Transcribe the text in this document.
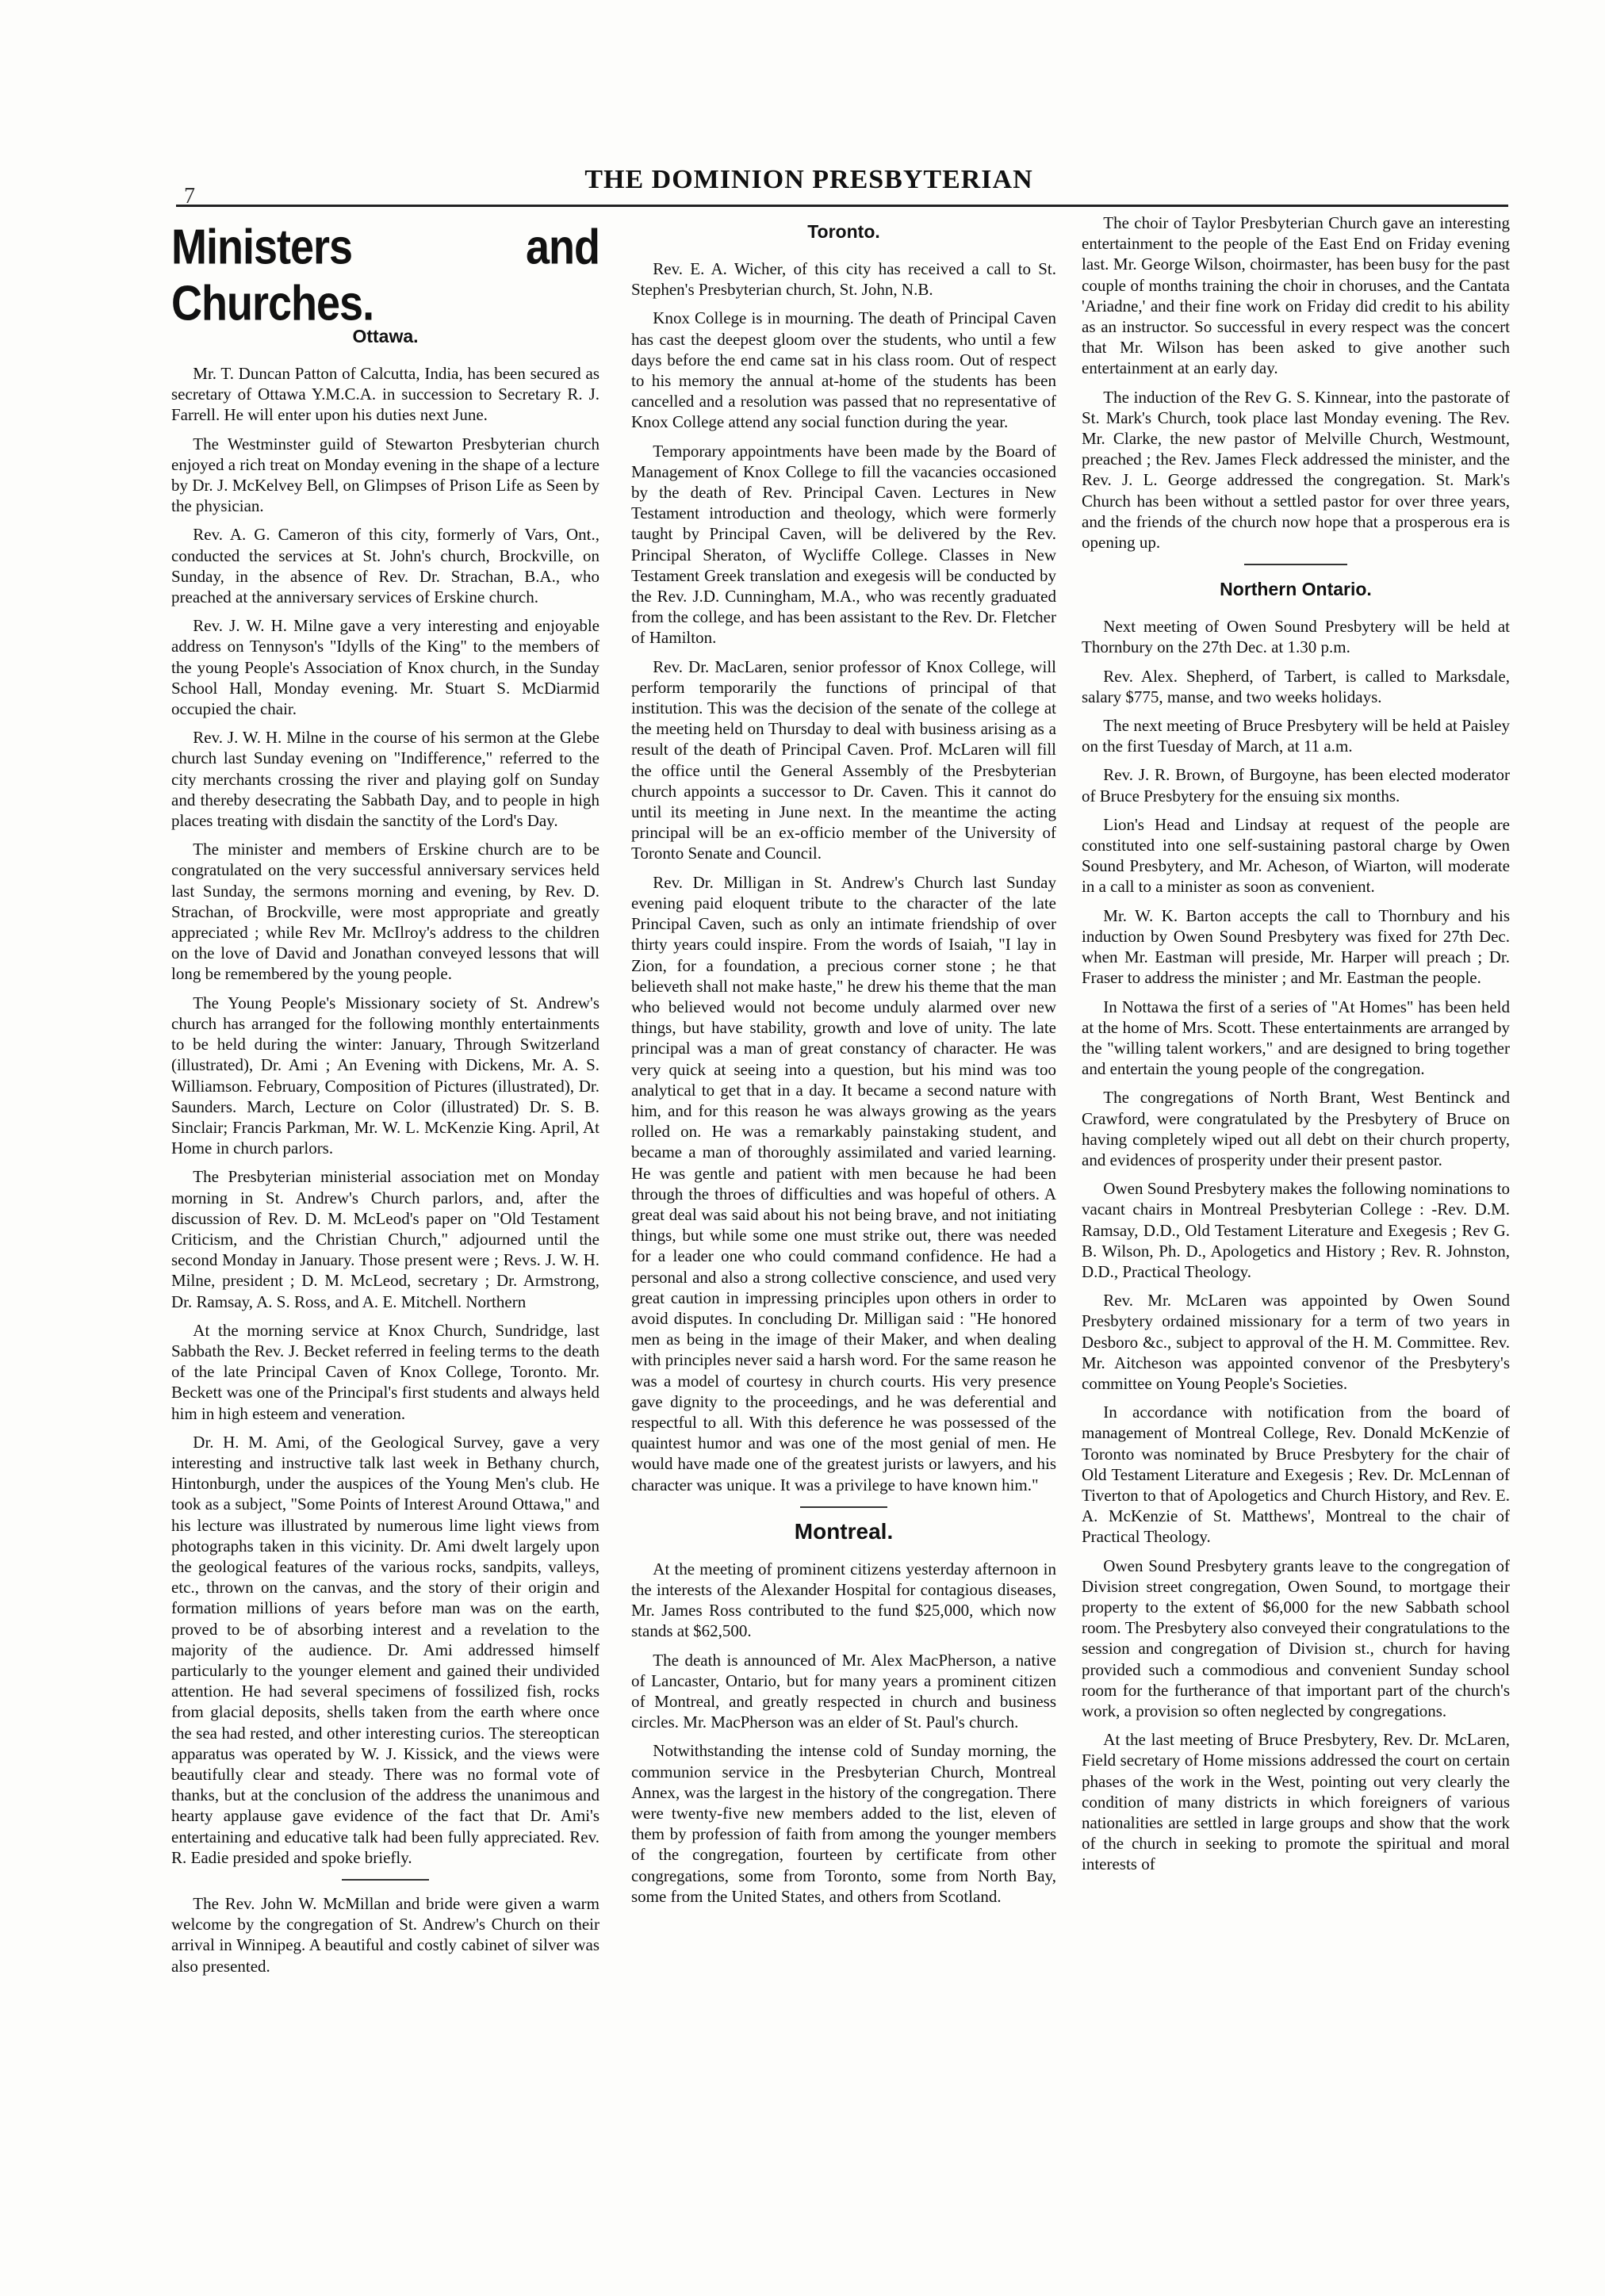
7
THE DOMINION PRESBYTERIAN
Ministers and Churches.
Ottawa.

Mr. T. Duncan Patton of Calcutta, India, has been secured as secretary of Ottawa Y.M.C.A. in succession to Secretary R. J. Farrell. He will enter upon his duties next June.

The Westminster guild of Stewarton Presbyterian church enjoyed a rich treat on Monday evening in the shape of a lecture by Dr. J. McKelvey Bell, on Glimpses of Prison Life as Seen by the physician.

Rev. A. G. Cameron of this city, formerly of Vars, Ont., conducted the services at St. John's church, Brockville, on Sunday, in the absence of Rev. Dr. Strachan, B.A., who preached at the anniversary services of Erskine church.

Rev. J. W. H. Milne gave a very interesting and enjoyable address on Tennyson's "Idylls of the King" to the members of the young People's Association of Knox church, in the Sunday School Hall, Monday evening. Mr. Stuart S. McDiarmid occupied the chair.

Rev. J. W. H. Milne in the course of his sermon at the Glebe church last Sunday evening on "Indifference," referred to the city merchants crossing the river and playing golf on Sunday and thereby desecrating the Sabbath Day, and to people in high places treating with disdain the sanctity of the Lord's Day.

The minister and members of Erskine church are to be congratulated on the very successful anniversary services held last Sunday, the sermons morning and evening, by Rev. D. Strachan, of Brockville, were most appropriate and greatly appreciated ; while Rev Mr. McIlroy's address to the children on the love of David and Jonathan conveyed lessons that will long be remembered by the young people.

The Young People's Missionary society of St. Andrew's church has arranged for the following monthly entertainments to be held during the winter: January, Through Switzerland (illustrated), Dr. Ami ; An Evening with Dickens, Mr. A. S. Williamson. February, Composition of Pictures (illustrated), Dr. Saunders. March, Lecture on Color (illustrated) Dr. S. B. Sinclair; Francis Parkman, Mr. W. L. McKenzie King. April, At Home in church parlors.

The Presbyterian ministerial association met on Monday morning in St. Andrew's Church parlors, and, after the discussion of Rev. D. M. McLeod's paper on "Old Testament Criticism, and the Christian Church," adjourned until the second Monday in January. Those present were ; Revs. J. W. H. Milne, president ; D. M. McLeod, secretary ; Dr. Armstrong, Dr. Ramsay, A. S. Ross, and A. E. Mitchell. Northern

At the morning service at Knox Church, Sundridge, last Sabbath the Rev. J. Becket referred in feeling terms to the death of the late Principal Caven of Knox College, Toronto. Mr. Beckett was one of the Principal's first students and always held him in high esteem and veneration.

Dr. H. M. Ami, of the Geological Survey, gave a very interesting and instructive talk last week in Bethany church, Hintonburgh, under the auspices of the Young Men's club. He took as a subject, "Some Points of Interest Around Ottawa," and his lecture was illustrated by numerous lime light views from photographs taken in this vicinity. Dr. Ami dwelt largely upon the geological features of the various rocks, sandpits, valleys, etc., thrown on the canvas, and the story of their origin and formation millions of years before man was on the earth, proved to be of absorbing interest and a revelation to the majority of the audience. Dr. Ami addressed himself particularly to the younger element and gained their undivided attention. He had several specimens of fossilized fish, rocks from glacial deposits, shells taken from the earth where once the sea had rested, and other interesting curios. The stereoptican apparatus was operated by W. J. Kissick, and the views were beautifully clear and steady. There was no formal vote of thanks, but at the conclusion of the address the unanimous and hearty applause gave evidence of the fact that Dr. Ami's entertaining and educative talk had been fully appreciated. Rev. R. Eadie presided and spoke briefly.

The Rev. John W. McMillan and bride were given a warm welcome by the congregation of St. Andrew's Church on their arrival in Winnipeg. A beautiful and costly cabinet of silver was also presented.

Toronto.

Rev. E. A. Wicher, of this city has received a call to St. Stephen's Presbyterian church, St. John, N.B.

Knox College is in mourning. The death of Principal Caven has cast the deepest gloom over the students, who until a few days before the end came sat in his class room. Out of respect to his memory the annual at-home of the students has been cancelled and a resolution was passed that no representative of Knox College attend any social function during the year.

Temporary appointments have been made by the Board of Management of Knox College to fill the vacancies occasioned by the death of Rev. Principal Caven. Lectures in New Testament introduction and theology, which were formerly taught by Principal Caven, will be delivered by the Rev. Principal Sheraton, of Wycliffe College. Classes in New Testament Greek translation and exegesis will be conducted by the Rev. J.D. Cunningham, M.A., who was recently graduated from the college, and has been assistant to the Rev. Dr. Fletcher of Hamilton.

Rev. Dr. MacLaren, senior professor of Knox College, will perform temporarily the functions of principal of that institution. This was the decision of the senate of the college at the meeting held on Thursday to deal with business arising as a result of the death of Principal Caven. Prof. McLaren will fill the office until the General Assembly of the Presbyterian church appoints a successor to Dr. Caven. This it cannot do until its meeting in June next. In the meantime the acting principal will be an ex-officio member of the University of Toronto Senate and Council.

Rev. Dr. Milligan in St. Andrew's Church last Sunday evening paid eloquent tribute to the character of the late Principal Caven, such as only an intimate friendship of over thirty years could inspire. From the words of Isaiah, "I lay in Zion, for a foundation, a precious corner stone ; he that believeth shall not make haste," he drew his theme that the man who believed would not become unduly alarmed over new things, but have stability, growth and love of unity. The late principal was a man of great constancy of character. He was very quick at seeing into a question, but his mind was too analytical to get that in a day. It became a second nature with him, and for this reason he was always growing as the years rolled on. He was a remarkably painstaking student, and became a man of thoroughly assimilated and varied learning. He was gentle and patient with men because he had been through the throes of difficulties and was hopeful of others. A great deal was said about his not being brave, and not initiating things, but while some one must strike out, there was needed for a leader one who could command confidence. He had a personal and also a strong collective conscience, and used very great caution in impressing principles upon others in order to avoid disputes. In concluding Dr. Milligan said : "He honored men as being in the image of their Maker, and when dealing with principles never said a harsh word. For the same reason he was a model of courtesy in church courts. His very presence gave dignity to the proceedings, and he was deferential and respectful to all. With this deference he was possessed of the quaintest humor and was one of the most genial of men. He would have made one of the greatest jurists or lawyers, and his character was unique. It was a privilege to have known him."

Montreal.

At the meeting of prominent citizens yesterday afternoon in the interests of the Alexander Hospital for contagious diseases, Mr. James Ross contributed to the fund $25,000, which now stands at $62,500.

The death is announced of Mr. Alex MacPherson, a native of Lancaster, Ontario, but for many years a prominent citizen of Montreal, and greatly respected in church and business circles. Mr. MacPherson was an elder of St. Paul's church.

Notwithstanding the intense cold of Sunday morning, the communion service in the Presbyterian Church, Montreal Annex, was the largest in the history of the congregation. There were twenty-five new members added to the list, eleven of them by profession of faith from among the younger members of the congregation, fourteen by certificate from other congregations, some from Toronto, some from North Bay, some from the United States, and others from Scotland.

The choir of Taylor Presbyterian Church gave an interesting entertainment to the people of the East End on Friday evening last. Mr. George Wilson, choirmaster, has been busy for the past couple of months training the choir in choruses, and the Cantata 'Ariadne,' and their fine work on Friday did credit to his ability as an instructor. So successful in every respect was the concert that Mr. Wilson has been asked to give another such entertainment at an early day.

The induction of the Rev G. S. Kinnear, into the pastorate of St. Mark's Church, took place last Monday evening. The Rev. Mr. Clarke, the new pastor of Melville Church, Westmount, preached ; the Rev. James Fleck addressed the minister, and the Rev. J. L. George addressed the congregation. St. Mark's Church has been without a settled pastor for over three years, and the friends of the church now hope that a prosperous era is opening up.

Northern Ontario.

Next meeting of Owen Sound Presbytery will be held at Thornbury on the 27th Dec. at 1.30 p.m.

Rev. Alex. Shepherd, of Tarbert, is called to Marksdale, salary $775, manse, and two weeks holidays.

The next meeting of Bruce Presbytery will be held at Paisley on the first Tuesday of March, at 11 a.m.

Rev. J. R. Brown, of Burgoyne, has been elected moderator of Bruce Presbytery for the ensuing six months.

Lion's Head and Lindsay at request of the people are constituted into one self-sustaining pastoral charge by Owen Sound Presbytery, and Mr. Acheson, of Wiarton, will moderate in a call to a minister as soon as convenient.

Mr. W. K. Barton accepts the call to Thornbury and his induction by Owen Sound Presbytery was fixed for 27th Dec. when Mr. Eastman will preside, Mr. Harper will preach ; Dr. Fraser to address the minister ; and Mr. Eastman the people.

In Nottawa the first of a series of "At Homes" has been held at the home of Mrs. Scott. These entertainments are arranged by the "willing talent workers," and are designed to bring together and entertain the young people of the congregation.

The congregations of North Brant, West Bentinck and Crawford, were congratulated by the Presbytery of Bruce on having completely wiped out all debt on their church property, and evidences of prosperity under their present pastor.

Owen Sound Presbytery makes the following nominations to vacant chairs in Montreal Presbyterian College : -Rev. D.M. Ramsay, D.D., Old Testament Literature and Exegesis ; Rev G. B. Wilson, Ph. D., Apologetics and History ; Rev. R. Johnston, D.D., Practical Theology.

Rev. Mr. McLaren was appointed by Owen Sound Presbytery ordained missionary for a term of two years in Desboro &c., subject to approval of the H. M. Committee. Rev. Mr. Aitcheson was appointed convenor of the Presbytery's committee on Young People's Societies.

In accordance with notification from the board of management of Montreal College, Rev. Donald McKenzie of Toronto was nominated by Bruce Presbytery for the chair of Old Testament Literature and Exegesis ; Rev. Dr. McLennan of Tiverton to that of Apologetics and Church History, and Rev. E. A. McKenzie of St. Matthews', Montreal to the chair of Practical Theology.

Owen Sound Presbytery grants leave to the congregation of Division street congregation, Owen Sound, to mortgage their property to the extent of $6,000 for the new Sabbath school room. The Presbytery also conveyed their congratulations to the session and congregation of Division st., church for having provided such a commodious and convenient Sunday school room for the furtherance of that important part of the church's work, a provision so often neglected by congregations.

At the last meeting of Bruce Presbytery, Rev. Dr. McLaren, Field secretary of Home missions addressed the court on certain phases of the work in the West, pointing out very clearly the condition of many districts in which foreigners of various nationalities are settled in large groups and show that the work of the church in seeking to promote the spiritual and moral interests of
